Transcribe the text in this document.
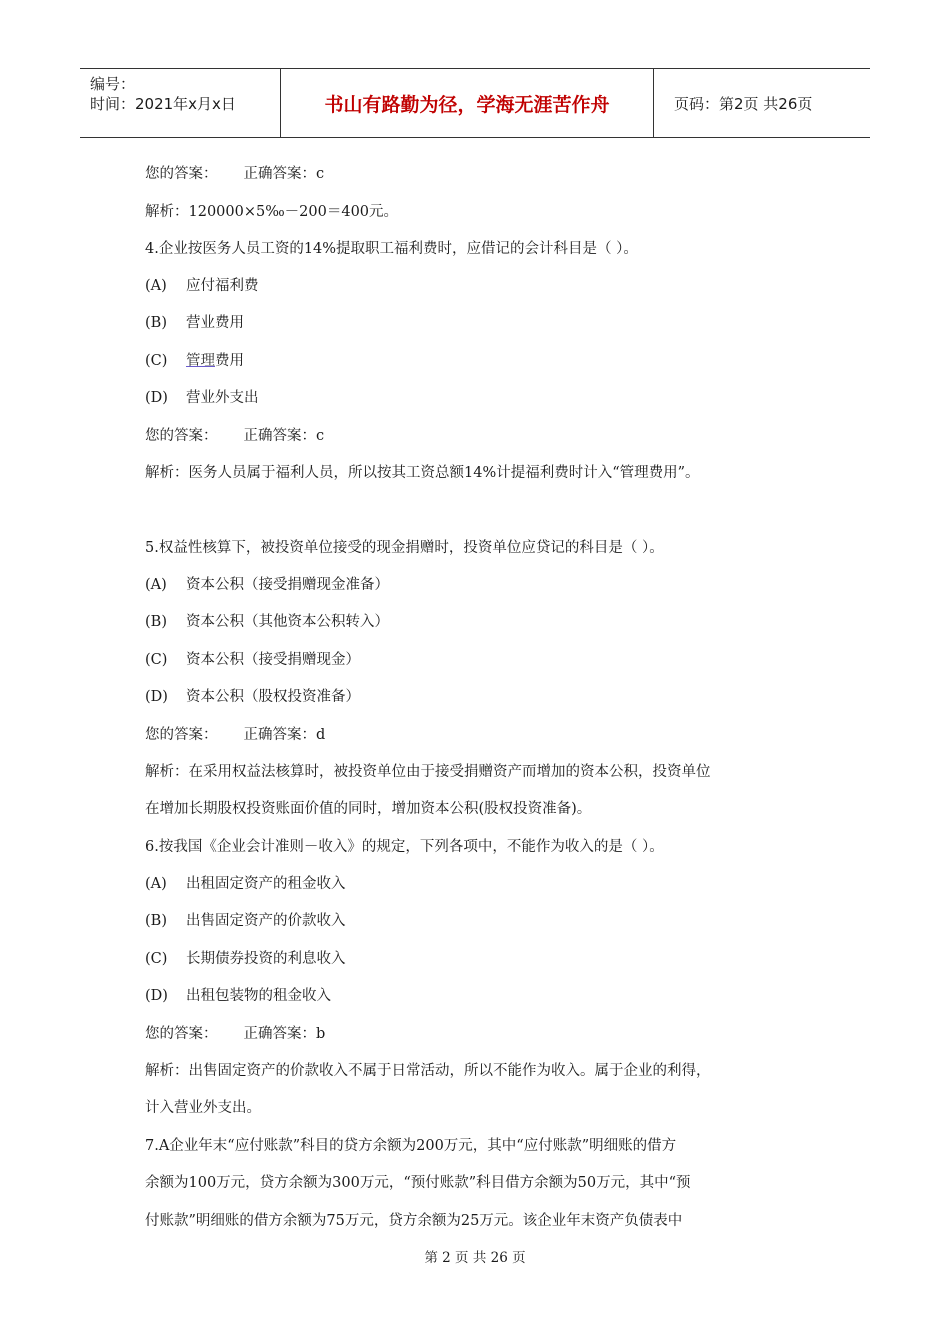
编号：
时间：2021年x月x日	书山有路勤为径，学海无涯苦作舟	页码：第2页 共26页
您的答案： 正确答案：c
解析：120000×5‰－200＝400元。
4.企业按医务人员工资的14%提取职工福利费时，应借记的会计科目是（ ）。
(A) 应付福利费
(B) 营业费用
(C) 管理费用
(D) 营业外支出
您的答案： 正确答案：c
解析：医务人员属于福利人员，所以按其工资总额14%计提福利费时计入“管理费用”。
5.权益性核算下，被投资单位接受的现金捐赠时，投资单位应贷记的科目是（ ）。
(A) 资本公积（接受捐赠现金准备）
(B) 资本公积（其他资本公积转入）
(C) 资本公积（接受捐赠现金）
(D) 资本公积（股权投资准备）
您的答案： 正确答案：d
解析：在采用权益法核算时，被投资单位由于接受捐赠资产而增加的资本公积，投资单位
在增加长期股权投资账面价值的同时，增加资本公积(股权投资准备)。
6.按我国《企业会计准则－收入》的规定，下列各项中，不能作为收入的是（ ）。
(A) 出租固定资产的租金收入
(B) 出售固定资产的价款收入
(C) 长期债券投资的利息收入
(D) 出租包装物的租金收入
您的答案： 正确答案：b
解析：出售固定资产的价款收入不属于日常活动，所以不能作为收入。属于企业的利得，
计入营业外支出。
7.A企业年末“应付账款”科目的贷方余额为200万元，其中“应付账款”明细账的借方
余额为100万元，贷方余额为300万元，“预付账款”科目借方余额为50万元，其中“预
付账款”明细账的借方余额为75万元，贷方余额为25万元。该企业年末资产负债表中
第 2 页 共 26 页
